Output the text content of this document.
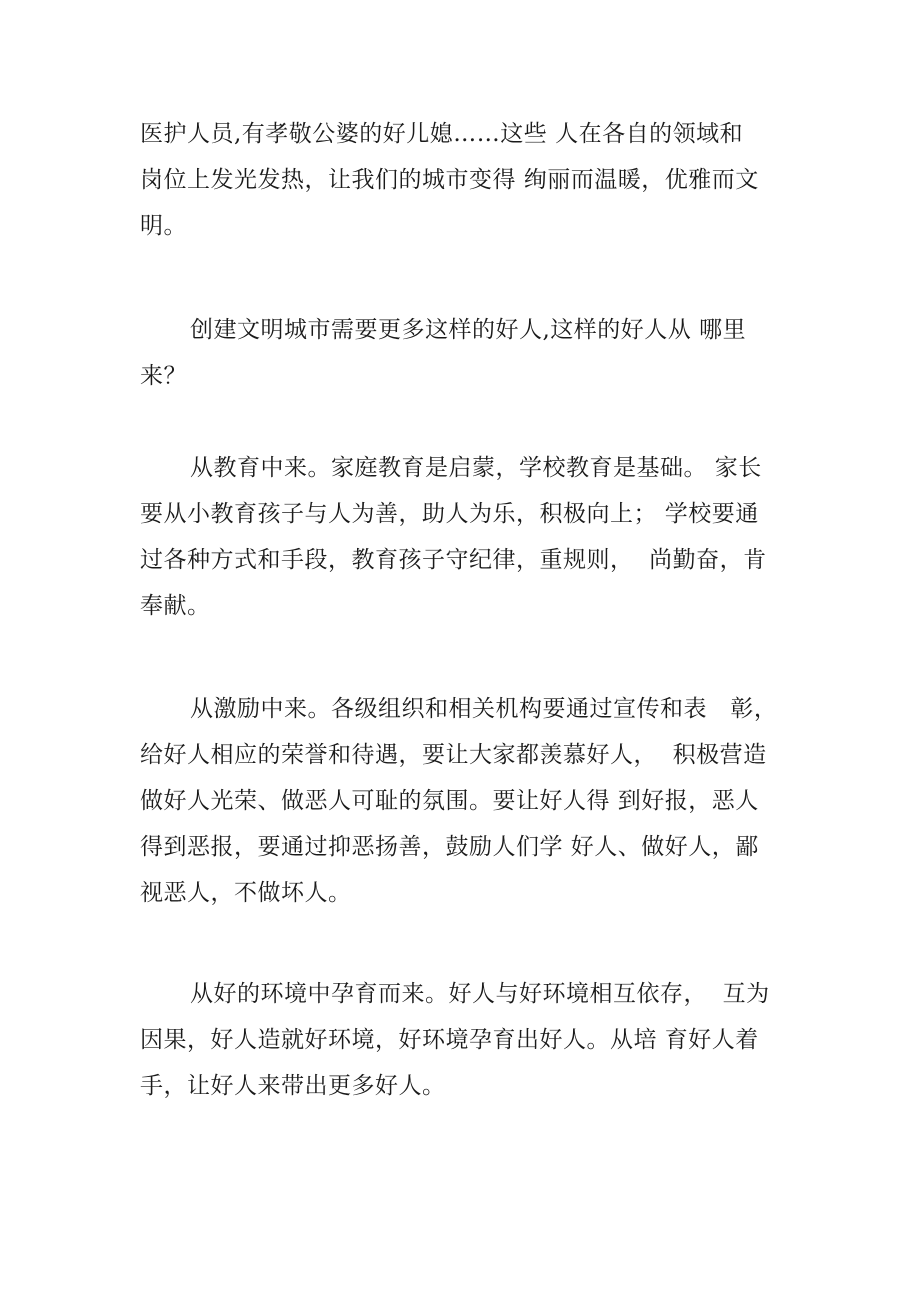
医护人员,有孝敬公婆的好儿媳……这些 人在各自的领域和
岗位上发光发热，让我们的城市变得 绚丽而温暖，优雅而文
明。
创建文明城市需要更多这样的好人,这样的好人从 哪里
来？
从教育中来。家庭教育是启蒙，学校教育是基础。 家长
要从小教育孩子与人为善，助人为乐，积极向上； 学校要通
过各种方式和手段，教育孩子守纪律，重规则，  尚勤奋，肯
奉献。
从激励中来。各级组织和相关机构要通过宣传和表   彰，
给好人相应的荣誉和待遇，要让大家都羡慕好人，  积极营造
做好人光荣、做恶人可耻的氛围。要让好人得 到好报，恶人
得到恶报，要通过抑恶扬善，鼓励人们学 好人、做好人，鄙
视恶人，不做坏人。
从好的环境中孕育而来。好人与好环境相互依存，  互为
因果，好人造就好环境，好环境孕育出好人。从培 育好人着
手，让好人来带出更多好人。
